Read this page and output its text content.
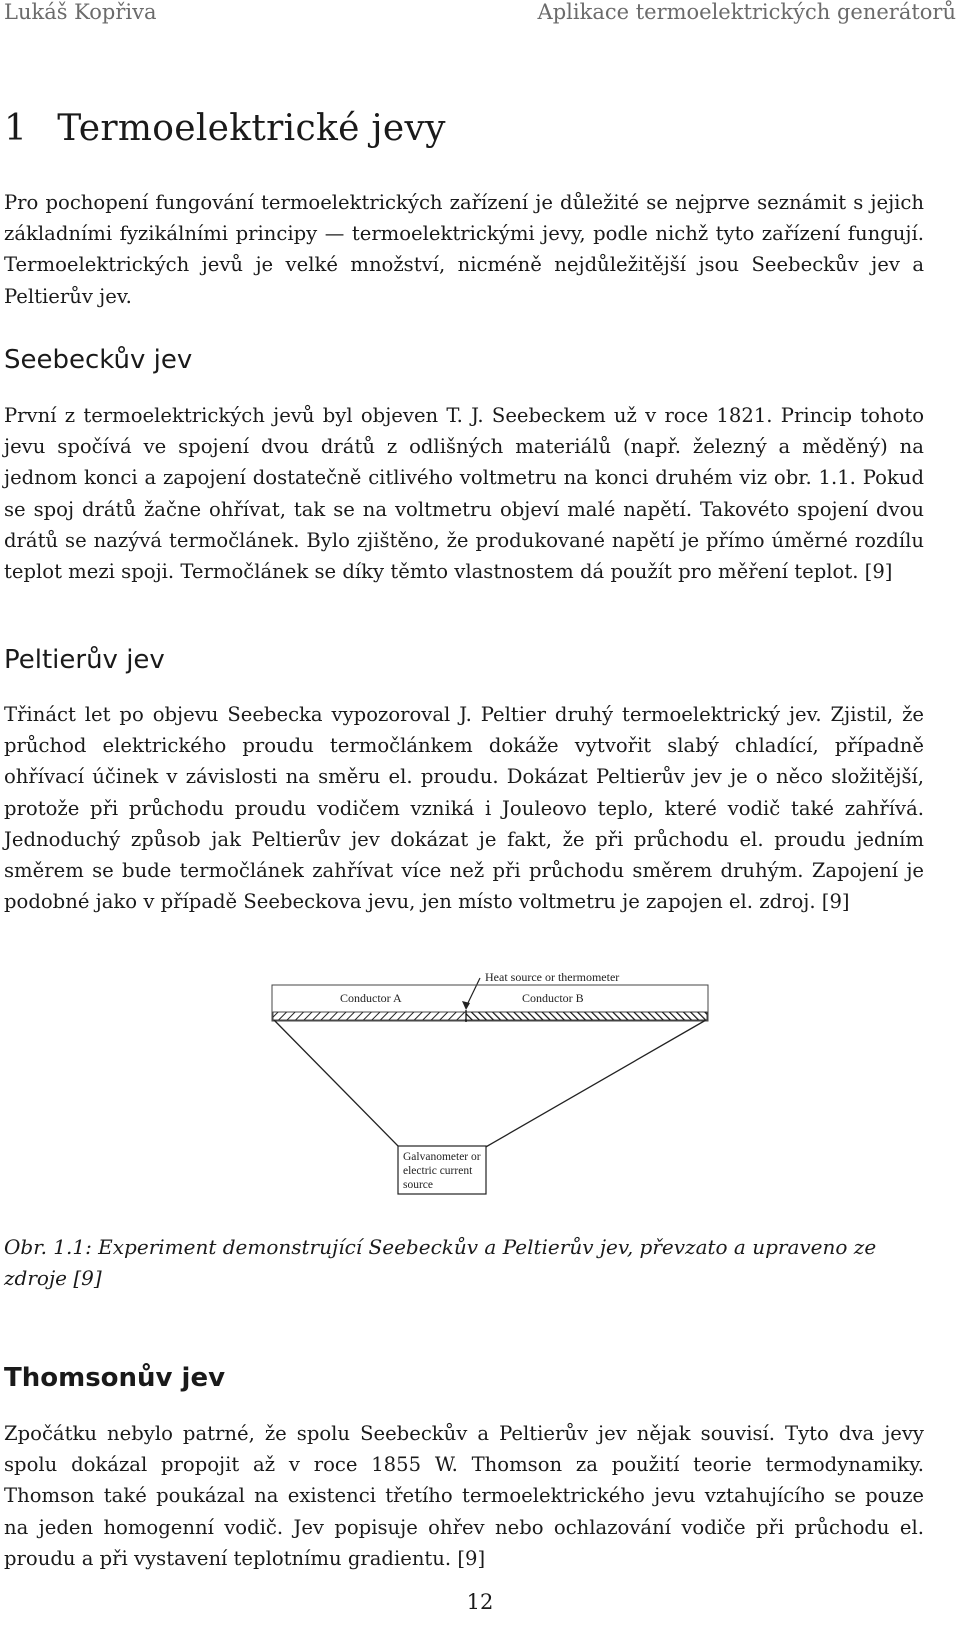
Lukáš Kopřiva	Aplikace termoelektrických generátorů
1 Termoelektrické jevy

Pro pochopení fungování termoelektrických zařízení je důležité se nejprve seznámit s jejich základními fyzikálními principy — termoelektrickými jevy, podle nichž tyto zařízení fungují. Termoelektrických jevů je velké množství, nicméně nejdůležitější jsou Seebeckův jev a Peltierův jev.

Seebeckův jev

První z termoelektrických jevů byl objeven T. J. Seebeckem už v roce 1821. Princip tohoto jevu spočívá ve spojení dvou drátů z odlišných materiálů (např. železný a měděný) na jednom konci a zapojení dostatečně citlivého voltmetru na konci druhém viz obr. 1.1. Pokud se spoj drátů žačne ohřívat, tak se na voltmetru objeví malé napětí. Takovéto spojení dvou drátů se nazývá termočlánek. Bylo zjištěno, že produkované napětí je přímo úměrné rozdílu teplot mezi spoji. Termočlánek se díky těmto vlastnostem dá použít pro měření teplot. [9]

Peltierův jev

Třináct let po objevu Seebecka vypozoroval J. Peltier druhý termoelektrický jev. Zjistil, že průchod elektrického proudu termočlánkem dokáže vytvořit slabý chladící, případně ohřívací účinek v závislosti na směru el. proudu. Dokázat Peltierův jev je o něco složitější, protože při průchodu proudu vodičem vzniká i Jouleovo teplo, které vodič také zahřívá. Jednoduchý způsob jak Peltierův jev dokázat je fakt, že při průchodu el. proudu jedním směrem se bude termočlánek zahřívat více než při průchodu směrem druhým. Zapojení je podobné jako v případě Seebeckova jevu, jen místo voltmetru je zapojen el. zdroj. [9]

Heat source or thermometer
Conductor A	Conductor B
Galvanometer or
electric current
source

Obr. 1.1: Experiment demonstrující Seebeckův a Peltierův jev, převzato a upraveno ze zdroje [9]

Thomsonův jev

Zpočátku nebylo patrné, že spolu Seebeckův a Peltierův jev nějak souvisí. Tyto dva jevy spolu dokázal propojit až v roce 1855 W. Thomson za použití teorie termodynamiky. Thomson také poukázal na existenci třetího termoelektrického jevu vztahujícího se pouze na jeden homogenní vodič. Jev popisuje ohřev nebo ochlazování vodiče při průchodu el. proudu a při vystavení teplotnímu gradientu. [9]

12
